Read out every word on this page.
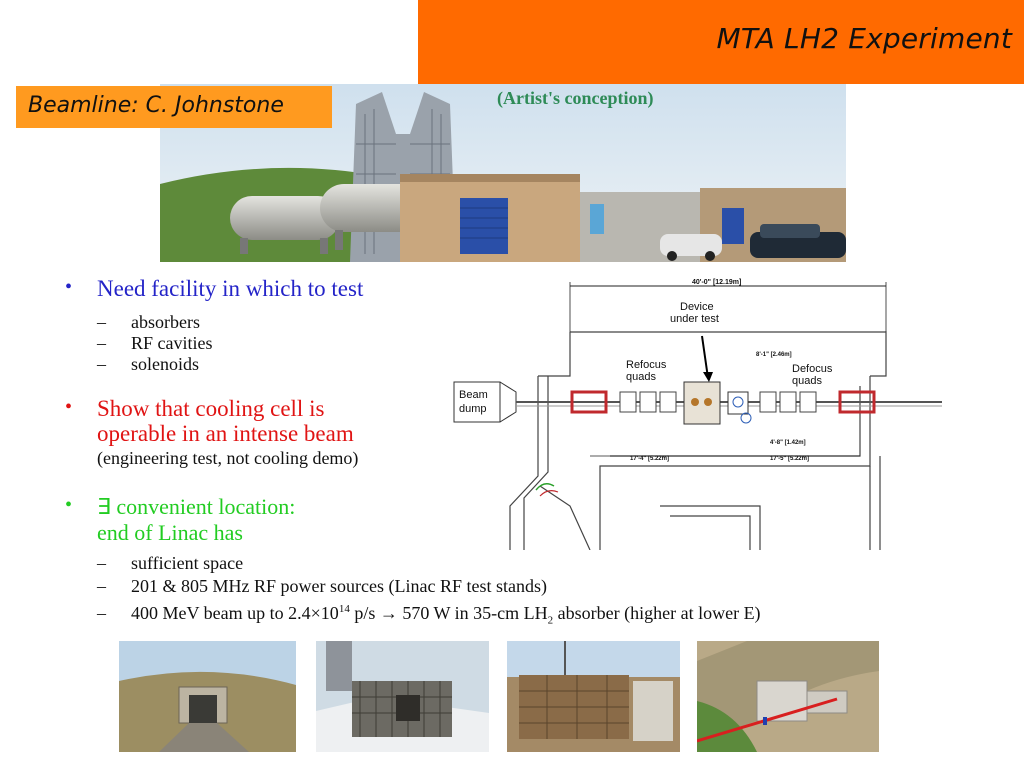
MTA LH2 Experiment
(Artist's conception)
Beamline: C. Johnstone
• Need facility in which to test
– absorbers
– RF cavities
– solenoids
• Show that cooling cell is
operable in an intense beam
(engineering test, not cooling demo)
• ∃ convenient location:
end of Linac has
– sufficient space
– 201 & 805 MHz RF power sources (Linac RF test stands)
– 400 MeV beam up to $2.4\times 10^{14}$ p/s → 570 W in 35-cm $LH_2$ absorber (higher at lower E)
40'-0" [12.19m]
Beam
dump
Device
under test
Refocus
quads
Defocus
quads
8'-1" [2.46m]
4'-8" [1.42m]
17'-4" [5.22m]	17'-5" [5.22m]
